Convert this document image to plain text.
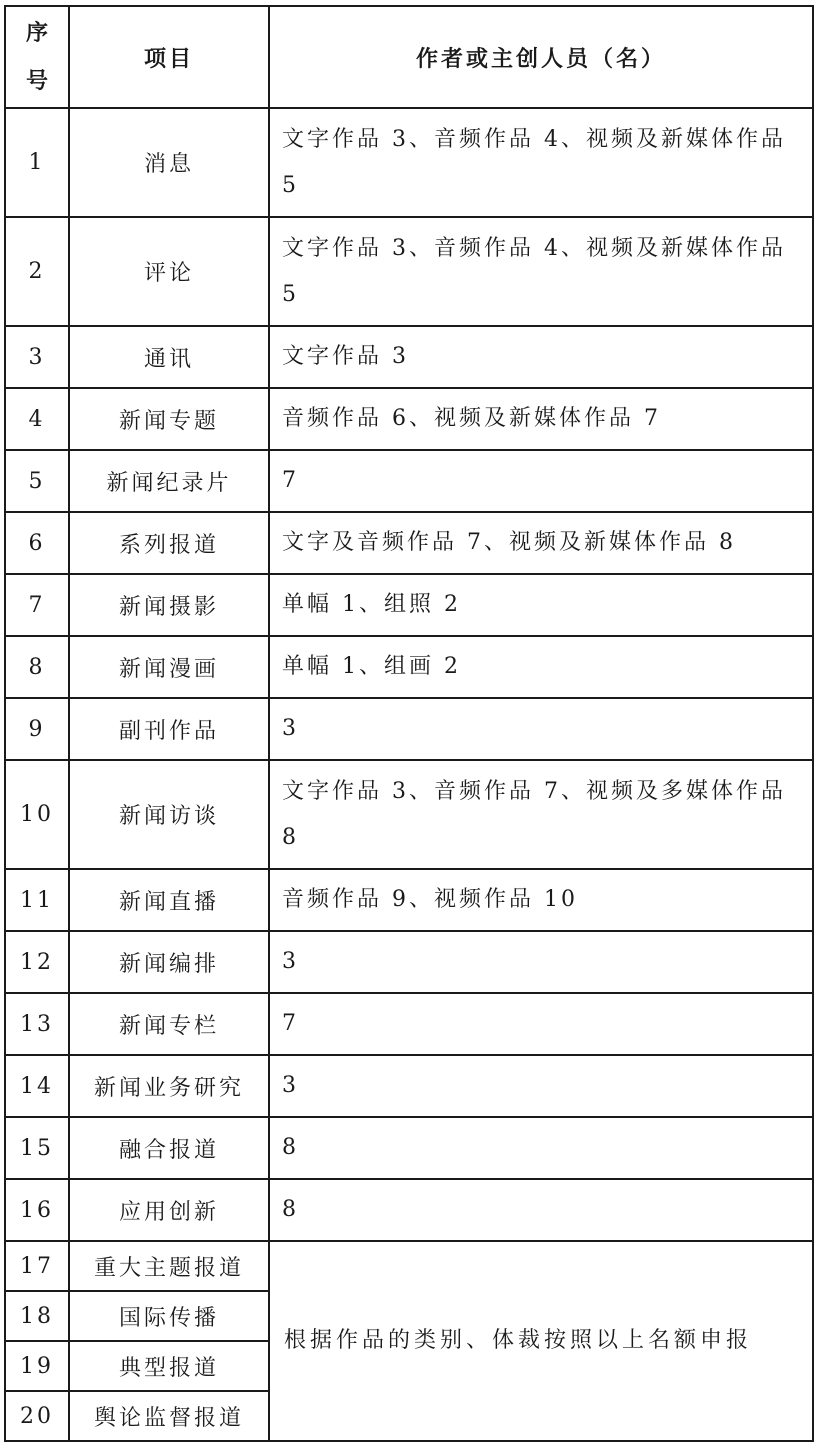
序号	项目	作者或主创人员（名）
1	消息	文字作品 3、音频作品 4、视频及新媒体作品 5
2	评论	文字作品 3、音频作品 4、视频及新媒体作品 5
3	通讯	文字作品 3
4	新闻专题	音频作品 6、视频及新媒体作品 7
5	新闻纪录片	7
6	系列报道	文字及音频作品 7、视频及新媒体作品 8
7	新闻摄影	单幅 1、组照 2
8	新闻漫画	单幅 1、组画 2
9	副刊作品	3
10	新闻访谈	文字作品 3、音频作品 7、视频及多媒体作品 8
11	新闻直播	音频作品 9、视频作品 10
12	新闻编排	3
13	新闻专栏	7
14	新闻业务研究	3
15	融合报道	8
16	应用创新	8
17	重大主题报道	根据作品的类别、体裁按照以上名额申报
18	国际传播	
19	典型报道	
20	舆论监督报道	
